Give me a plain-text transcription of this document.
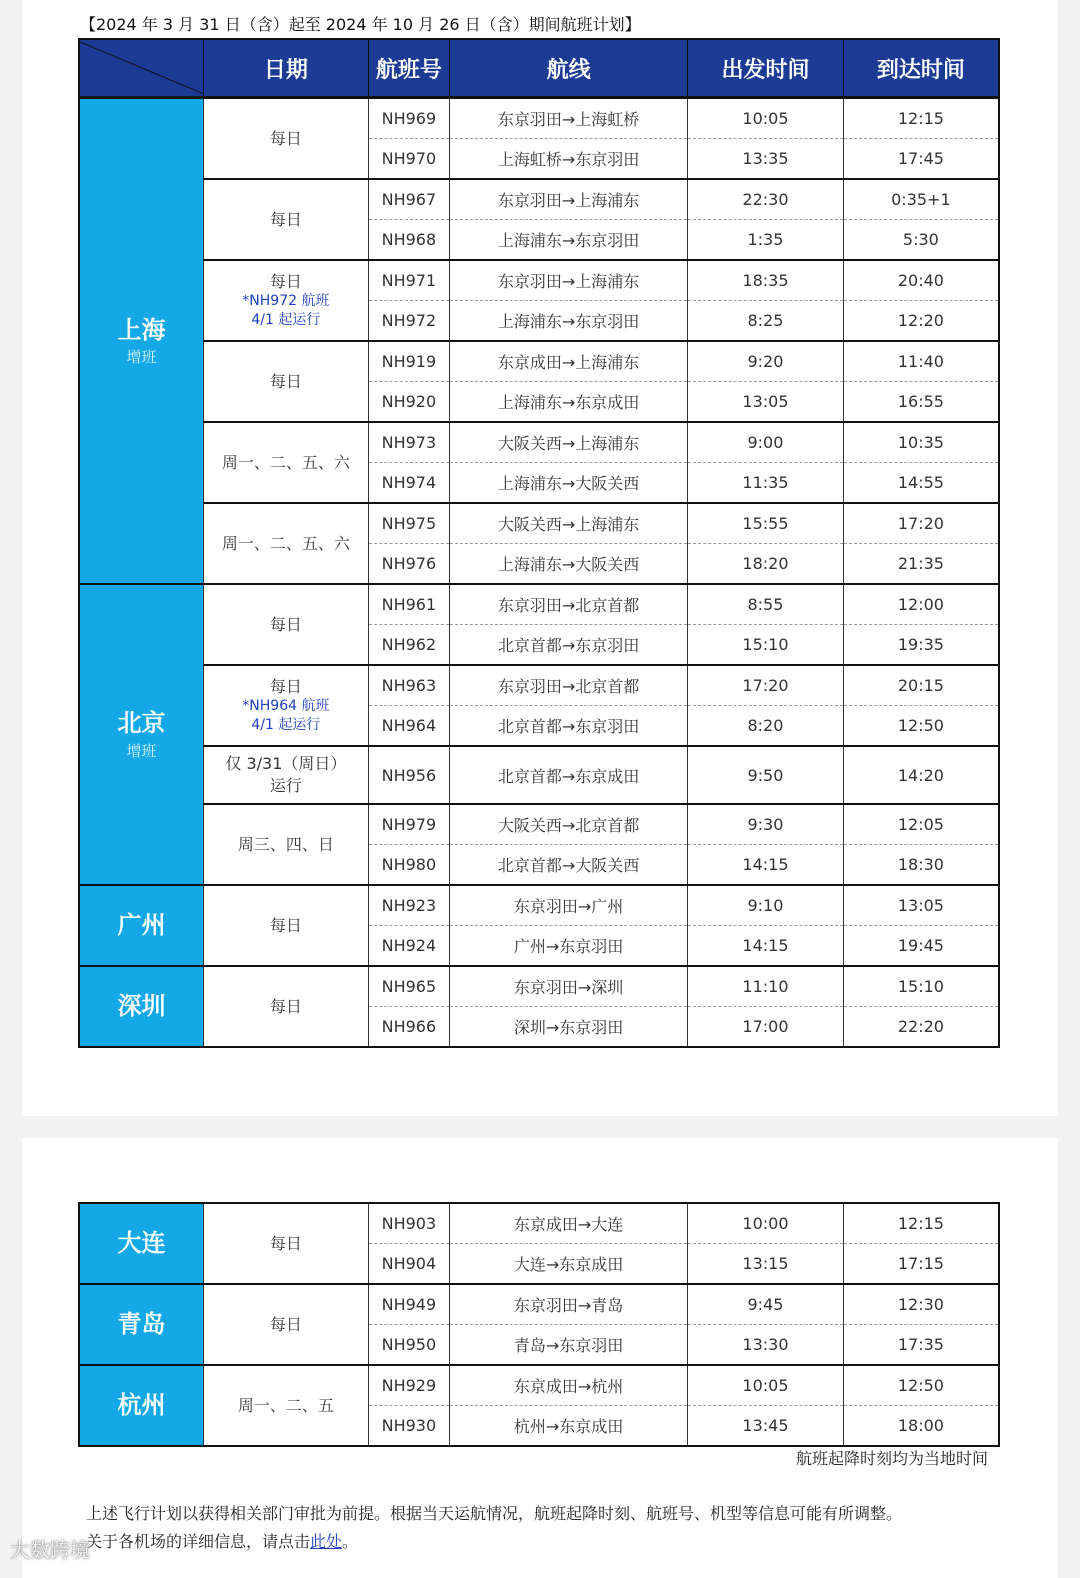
【2024 年 3 月 31 日（含）起至 2024 年 10 月 26 日（含）期间航班计划】
	日期	航班号	航线	出发时间	到达时间
上海
增班	每日	NH969	东京羽田→上海虹桥	10:05	12:15
		NH970	上海虹桥→东京羽田	13:35	17:45
	每日	NH967	东京羽田→上海浦东	22:30	0:35+1
		NH968	上海浦东→东京羽田	1:35	5:30
	每日
*NH972 航班
4/1 起运行	NH971	东京羽田→上海浦东	18:35	20:40
		NH972	上海浦东→东京羽田	8:25	12:20
	每日	NH919	东京成田→上海浦东	9:20	11:40
		NH920	上海浦东→东京成田	13:05	16:55
	周一、二、五、六	NH973	大阪关西→上海浦东	9:00	10:35
		NH974	上海浦东→大阪关西	11:35	14:55
	周一、二、五、六	NH975	大阪关西→上海浦东	15:55	17:20
		NH976	上海浦东→大阪关西	18:20	21:35
北京
增班	每日	NH961	东京羽田→北京首都	8:55	12:00
		NH962	北京首都→东京羽田	15:10	19:35
	每日
*NH964 航班
4/1 起运行	NH963	东京羽田→北京首都	17:20	20:15
		NH964	北京首都→东京羽田	8:20	12:50
	仅 3/31（周日）
运行	NH956	北京首都→东京成田	9:50	14:20
	周三、四、日	NH979	大阪关西→北京首都	9:30	12:05
		NH980	北京首都→大阪关西	14:15	18:30
广州	每日	NH923	东京羽田→广州	9:10	13:05
		NH924	广州→东京羽田	14:15	19:45
深圳	每日	NH965	东京羽田→深圳	11:10	15:10
		NH966	深圳→东京羽田	17:00	22:20
大连	每日	NH903	东京成田→大连	10:00	12:15
		NH904	大连→东京成田	13:15	17:15
青岛	每日	NH949	东京羽田→青岛	9:45	12:30
		NH950	青岛→东京羽田	13:30	17:35
杭州	周一、二、五	NH929	东京成田→杭州	10:05	12:50
		NH930	杭州→东京成田	13:45	18:00
航班起降时刻均为当地时间
上述飞行计划以获得相关部门审批为前提。根据当天运航情况，航班起降时刻、航班号、机型等信息可能有所调整。
关于各机场的详细信息，请点击此处。
大数跨境
